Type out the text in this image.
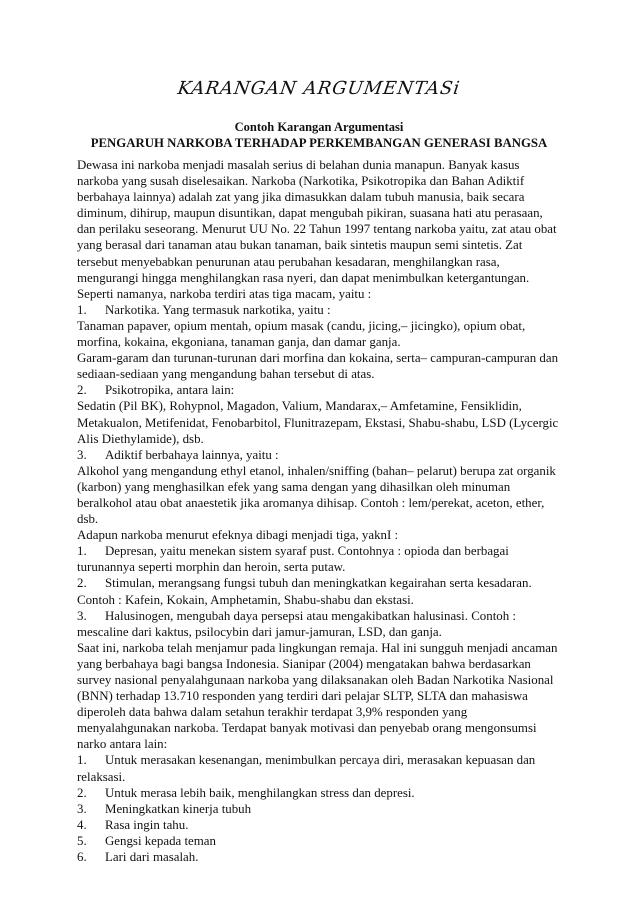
KARANGAN ARGUMENTASi
Contoh Karangan Argumentasi
PENGARUH NARKOBA TERHADAP PERKEMBANGAN GENERASI BANGSA
Dewasa ini narkoba menjadi masalah serius di belahan dunia manapun. Banyak kasus
narkoba yang susah diselesaikan. Narkoba (Narkotika, Psikotropika dan Bahan Adiktif
berbahaya lainnya) adalah zat yang jika dimasukkan dalam tubuh manusia, baik secara
diminum, dihirup, maupun disuntikan, dapat mengubah pikiran, suasana hati atu perasaan,
dan perilaku seseorang. Menurut UU No. 22 Tahun 1997 tentang narkoba yaitu, zat atau obat
yang berasal dari tanaman atau bukan tanaman, baik sintetis maupun semi sintetis. Zat
tersebut menyebabkan penurunan atau perubahan kesadaran, menghilangkan rasa,
mengurangi hingga menghilangkan rasa nyeri, dan dapat menimbulkan ketergantungan.
Seperti namanya, narkoba terdiri atas tiga macam, yaitu :
1. Narkotika. Yang termasuk narkotika, yaitu :
Tanaman papaver, opium mentah, opium masak (candu, jicing,– jicingko), opium obat,
morfina, kokaina, ekgoniana, tanaman ganja, dan damar ganja.
Garam-garam dan turunan-turunan dari morfina dan kokaina, serta– campuran-campuran dan
sediaan-sediaan yang mengandung bahan tersebut di atas.
2. Psikotropika, antara lain:
Sedatin (Pil BK), Rohypnol, Magadon, Valium, Mandarax,– Amfetamine, Fensiklidin,
Metakualon, Metifenidat, Fenobarbitol, Flunitrazepam, Ekstasi, Shabu-shabu, LSD (Lycergic
Alis Diethylamide), dsb.
3. Adiktif berbahaya lainnya, yaitu :
Alkohol yang mengandung ethyl etanol, inhalen/sniffing (bahan– pelarut) berupa zat organik
(karbon) yang menghasilkan efek yang sama dengan yang dihasilkan oleh minuman
beralkohol atau obat anaestetik jika aromanya dihisap. Contoh : lem/perekat, aceton, ether,
dsb.
Adapun narkoba menurut efeknya dibagi menjadi tiga, yaknI :
1. Depresan, yaitu menekan sistem syaraf pust. Contohnya : opioda dan berbagai
turunannya seperti morphin dan heroin, serta putaw.
2. Stimulan, merangsang fungsi tubuh dan meningkatkan kegairahan serta kesadaran.
Contoh : Kafein, Kokain, Amphetamin, Shabu-shabu dan ekstasi.
3. Halusinogen, mengubah daya persepsi atau mengakibatkan halusinasi. Contoh :
mescaline dari kaktus, psilocybin dari jamur-jamuran, LSD, dan ganja.
Saat ini, narkoba telah menjamur pada lingkungan remaja. Hal ini sungguh menjadi ancaman
yang berbahaya bagi bangsa Indonesia. Sianipar (2004) mengatakan bahwa berdasarkan
survey nasional penyalahgunaan narkoba yang dilaksanakan oleh Badan Narkotika Nasional
(BNN) terhadap 13.710 responden yang terdiri dari pelajar SLTP, SLTA dan mahasiswa
diperoleh data bahwa dalam setahun terakhir terdapat 3,9% responden yang
menyalahgunakan narkoba. Terdapat banyak motivasi dan penyebab orang mengonsumsi
narko antara lain:
1. Untuk merasakan kesenangan, menimbulkan percaya diri, merasakan kepuasan dan
relaksasi.
2. Untuk merasa lebih baik, menghilangkan stress dan depresi.
3. Meningkatkan kinerja tubuh
4. Rasa ingin tahu.
5. Gengsi kepada teman
6. Lari dari masalah.
